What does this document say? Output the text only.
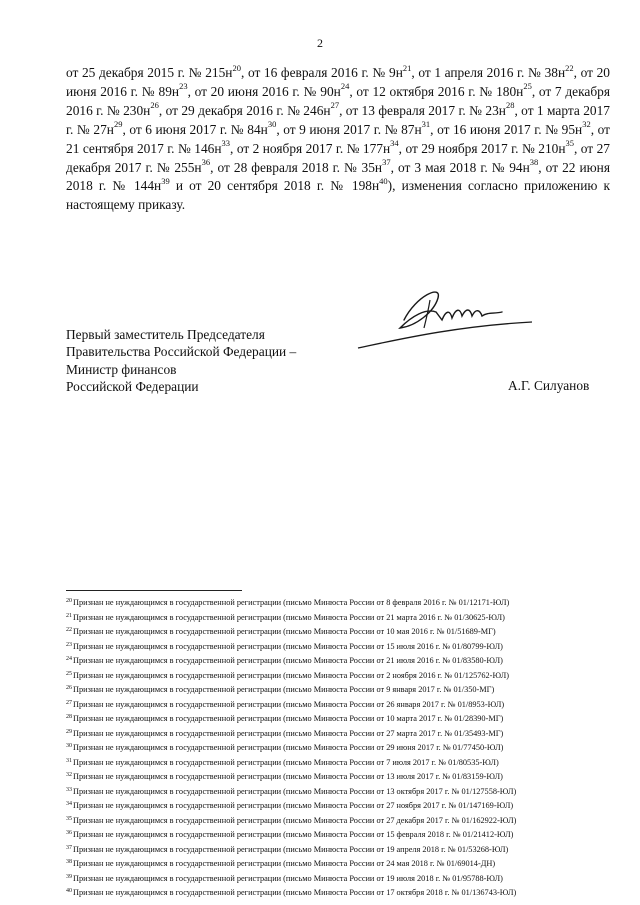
2
от 25 декабря 2015 г. № $215н^{20}$, от 16 февраля 2016 г. № $9н^{21}$, от 1 апреля 2016 г. № $38н^{22}$, от 20 июня 2016 г. № $89н^{23}$, от 20 июня 2016 г. № $90н^{24}$, от 12 октября 2016 г. № $180н^{25}$, от 7 декабря 2016 г. № $230н^{26}$, от 29 декабря 2016 г. № $246н^{27}$, от 13 февраля 2017 г. № $23н^{28}$, от 1 марта 2017 г. № $27н^{29}$, от 6 июня 2017 г. № $84н^{30}$, от 9 июня 2017 г. № $87н^{31}$, от 16 июня 2017 г. № $95н^{32}$, от 21 сентября 2017 г. № $146н^{33}$, от 2 ноября 2017 г. № $177н^{34}$, от 29 ноября 2017 г. № $210н^{35}$, от 27 декабря 2017 г. № $255н^{36}$, от 28 февраля 2018 г. № $35н^{37}$, от 3 мая 2018 г. № $94н^{38}$, от 22 июня 2018 г. № $144н^{39}$ и от 20 сентября 2018 г. № $198н^{40}$), изменения согласно приложению к настоящему приказу.
Первый заместитель Председателя
Правительства Российской Федерации –
Министр финансов
Российской Федерации	А.Г. Силуанов
$^{20}$Признан не нуждающимся в государственной регистрации (письмо Минюста России от 8 февраля 2016 г. № 01/12171-ЮЛ)
$^{21}$Признан не нуждающимся в государственной регистрации (письмо Минюста России от 21 марта 2016 г. № 01/30625-ЮЛ)
$^{22}$Признан не нуждающимся в государственной регистрации (письмо Минюста России от 10 мая 2016 г. № 01/51689-МГ)
$^{23}$Признан не нуждающимся в государственной регистрации (письмо Минюста России от 15 июля 2016 г. № 01/80799-ЮЛ)
$^{24}$Признан не нуждающимся в государственной регистрации (письмо Минюста России от 21 июля 2016 г. № 01/83580-ЮЛ)
$^{25}$Признан не нуждающимся в государственной регистрации (письмо Минюста России от 2 ноября 2016 г. № 01/125762-ЮЛ)
$^{26}$Признан не нуждающимся в государственной регистрации (письмо Минюста России от 9 января 2017 г. № 01/350-МГ)
$^{27}$Признан не нуждающимся в государственной регистрации (письмо Минюста России от 26 января 2017 г. № 01/8953-ЮЛ)
$^{28}$Признан не нуждающимся в государственной регистрации (письмо Минюста России от 10 марта 2017 г. № 01/28390-МГ)
$^{29}$Признан не нуждающимся в государственной регистрации (письмо Минюста России от 27 марта 2017 г. № 01/35493-МГ)
$^{30}$Признан не нуждающимся в государственной регистрации (письмо Минюста России от 29 июня 2017 г. № 01/77450-ЮЛ)
$^{31}$Признан не нуждающимся в государственной регистрации (письмо Минюста России от 7 июля 2017 г. № 01/80535-ЮЛ)
$^{32}$Признан не нуждающимся в государственной регистрации (письмо Минюста России от 13 июля 2017 г. № 01/83159-ЮЛ)
$^{33}$Признан не нуждающимся в государственной регистрации (письмо Минюста России от 13 октября 2017 г. № 01/127558-ЮЛ)
$^{34}$Признан не нуждающимся в государственной регистрации (письмо Минюста России от 27 ноября 2017 г. № 01/147169-ЮЛ)
$^{35}$Признан не нуждающимся в государственной регистрации (письмо Минюста России от 27 декабря 2017 г. № 01/162922-ЮЛ)
$^{36}$Признан не нуждающимся в государственной регистрации (письмо Минюста России от 15 февраля 2018 г. № 01/21412-ЮЛ)
$^{37}$Признан не нуждающимся в государственной регистрации (письмо Минюста России от 19 апреля 2018 г. № 01/53268-ЮЛ)
$^{38}$Признан не нуждающимся в государственной регистрации (письмо Минюста России от 24 мая 2018 г. № 01/69014-ДН)
$^{39}$Признан не нуждающимся в государственной регистрации (письмо Минюста России от 19 июля 2018 г. № 01/95788-ЮЛ)
$^{40}$Признан не нуждающимся в государственной регистрации (письмо Минюста России от 17 октября 2018 г. № 01/136743-ЮЛ)
